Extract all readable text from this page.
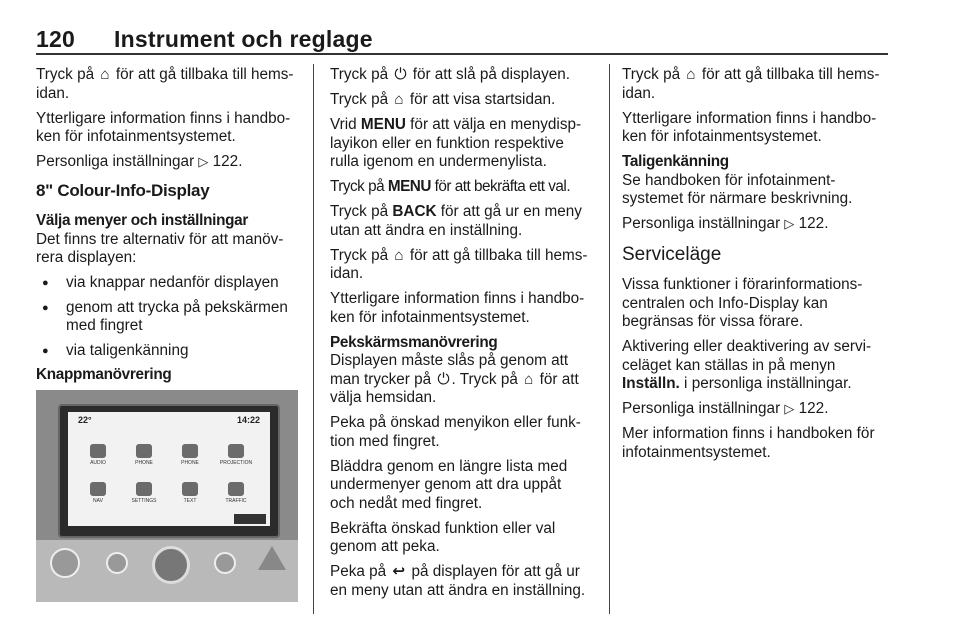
120 Instrument och reglage

Tryck på ⌂ för att gå tillbaka till hems-
idan.

Ytterligare information finns i handbo-
ken för infotainmentsystemet.

Personliga inställningar ▷ 122.

8" Colour-Info-Display
Välja menyer och inställningar

Det finns tre alternativ för att manöv-
rera displayen:

● via knappar nedanför displayen
● genom att trycka på pekskärmen
med fingret
● via taligenkänning
Knappmanövrering
22°	14:22
AUDIO	PHONE	PHONE	PROJECTION
NAV	SETTINGS	TEXT	TRAFFIC

Tryck på ⏻ för att slå på displayen.

Tryck på ⌂ för att visa startsidan.

Vrid MENU för att välja en menydisp-
layikon eller en funktion respektive
rulla igenom en undermenylista.

Tryck på MENU för att bekräfta ett val.

Tryck på BACK för att gå ur en meny
utan att ändra en inställning.

Tryck på ⌂ för att gå tillbaka till hems-
idan.

Ytterligare information finns i handbo-
ken för infotainmentsystemet.

Pekskärmsmanövrering

Displayen måste slås på genom att
man trycker på ⏻ . Tryck på ⌂ för att
välja hemsidan.

Peka på önskad menyikon eller funk-
tion med fingret.

Bläddra genom en längre lista med
undermenyer genom att dra uppåt
och nedåt med fingret.

Bekräfta önskad funktion eller val
genom att peka.

Peka på ↩ på displayen för att gå ur
en meny utan att ändra en inställning.

Tryck på ⌂ för att gå tillbaka till hems-
idan.

Ytterligare information finns i handbo-
ken för infotainmentsystemet.

Taligenkänning

Se handboken för infotainment-
systemet för närmare beskrivning.

Personliga inställningar ▷ 122.

Serviceläge

Vissa funktioner i förarinformations-
centralen och Info-Display kan
begränsas för vissa förare.

Aktivering eller deaktivering av servi-
celäget kan ställas in på menyn
Inställn. i personliga inställningar.

Personliga inställningar ▷ 122.

Mer information finns i handboken för
infotainmentsystemet.
